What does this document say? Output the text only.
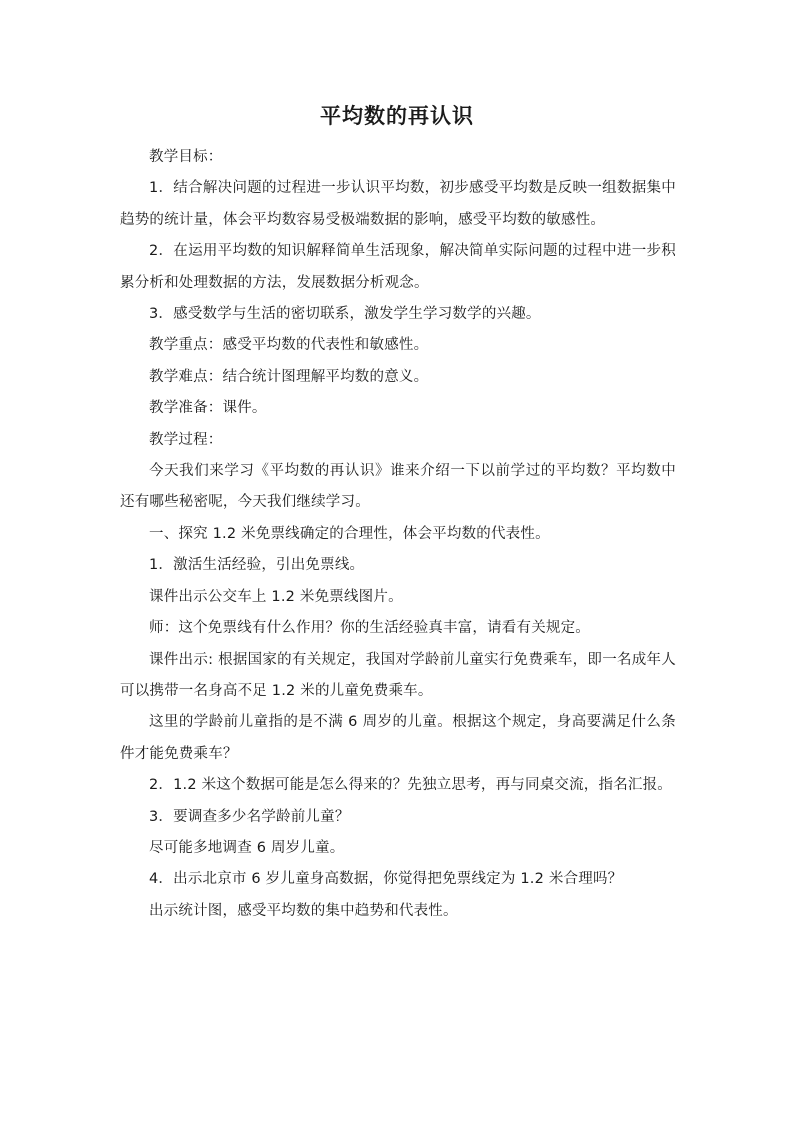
平均数的再认识

教学目标：

1．结合解决问题的过程进一步认识平均数，初步感受平均数是反映一组数据集中趋势的统计量，体会平均数容易受极端数据的影响，感受平均数的敏感性。

2．在运用平均数的知识解释简单生活现象，解决简单实际问题的过程中进一步积累分析和处理数据的方法，发展数据分析观念。

3．感受数学与生活的密切联系，激发学生学习数学的兴趣。

教学重点：感受平均数的代表性和敏感性。

教学难点：结合统计图理解平均数的意义。

教学准备：课件。

教学过程：

今天我们来学习《平均数的再认识》谁来介绍一下以前学过的平均数？平均数中还有哪些秘密呢，今天我们继续学习。

一、探究 1.2 米免票线确定的合理性，体会平均数的代表性。

1．激活生活经验，引出免票线。

课件出示公交车上 1.2 米免票线图片。

师：这个免票线有什么作用？你的生活经验真丰富，请看有关规定。

课件出示: 根据国家的有关规定，我国对学龄前儿童实行免费乘车，即一名成年人可以携带一名身高不足 1.2 米的儿童免费乘车。

这里的学龄前儿童指的是不满 6 周岁的儿童。根据这个规定，身高要满足什么条件才能免费乘车？

2．1.2 米这个数据可能是怎么得来的？先独立思考，再与同桌交流，指名汇报。

3．要调查多少名学龄前儿童？

尽可能多地调查 6 周岁儿童。

4．出示北京市 6 岁儿童身高数据，你觉得把免票线定为 1.2 米合理吗？

出示统计图，感受平均数的集中趋势和代表性。
